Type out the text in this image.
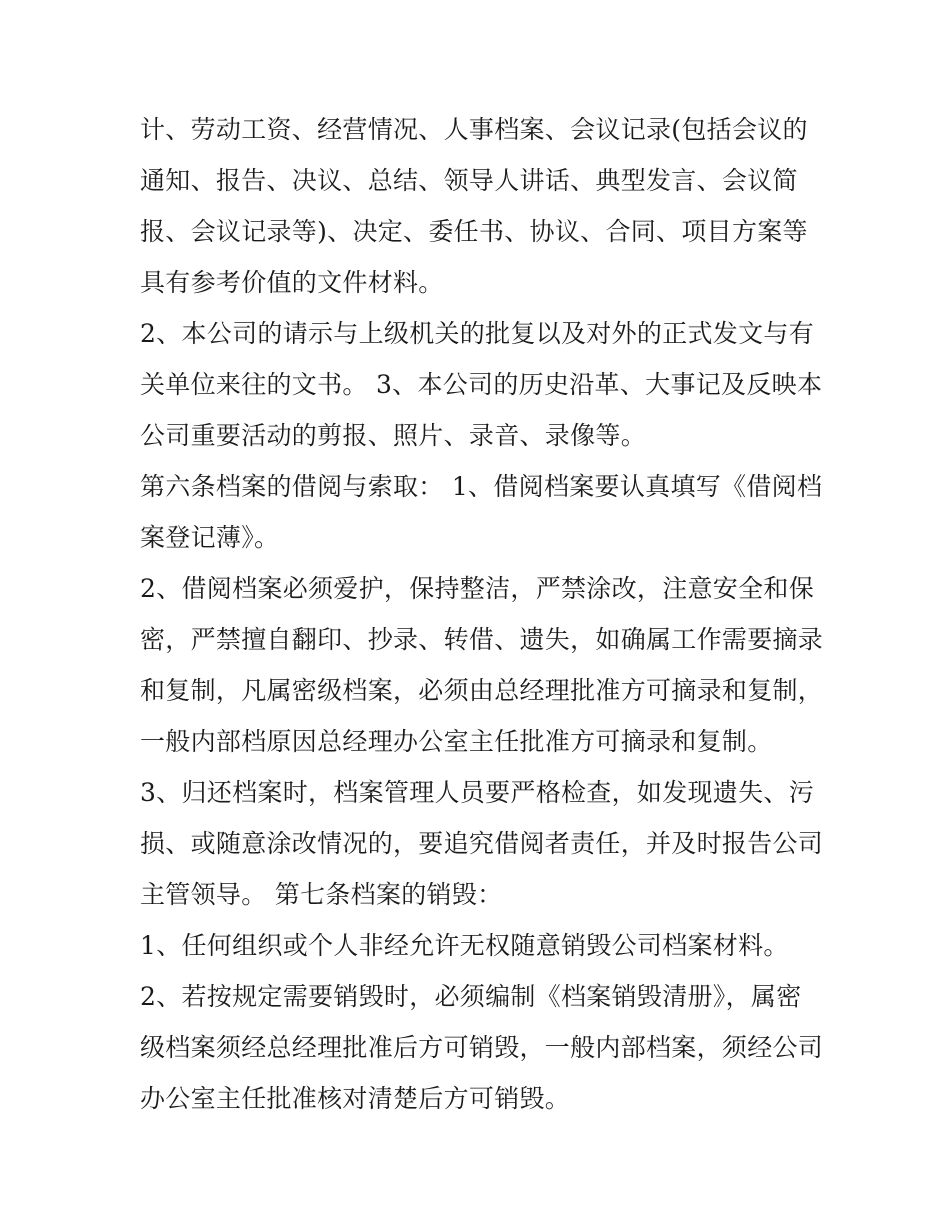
计、劳动工资、经营情况、人事档案、会议记录(包括会议的
通知、报告、决议、总结、领导人讲话、典型发言、会议简
报、会议记录等)、决定、委任书、协议、合同、项目方案等
具有参考价值的文件材料。
2、本公司的请示与上级机关的批复以及对外的正式发文与有
关单位来往的文书。 3、本公司的历史沿革、大事记及反映本
公司重要活动的剪报、照片、录音、录像等。
第六条档案的借阅与索取： 1、借阅档案要认真填写《借阅档
案登记薄》。
2、借阅档案必须爱护，保持整洁，严禁涂改，注意安全和保
密，严禁擅自翻印、抄录、转借、遗失，如确属工作需要摘录
和复制，凡属密级档案，必须由总经理批准方可摘录和复制，
一般内部档原因总经理办公室主任批准方可摘录和复制。
3、归还档案时，档案管理人员要严格检查，如发现遗失、污
损、或随意涂改情况的，要追究借阅者责任，并及时报告公司
主管领导。 第七条档案的销毁：
1、任何组织或个人非经允许无权随意销毁公司档案材料。
2、若按规定需要销毁时，必须编制《档案销毁清册》，属密
级档案须经总经理批准后方可销毁，一般内部档案，须经公司
办公室主任批准核对清楚后方可销毁。
